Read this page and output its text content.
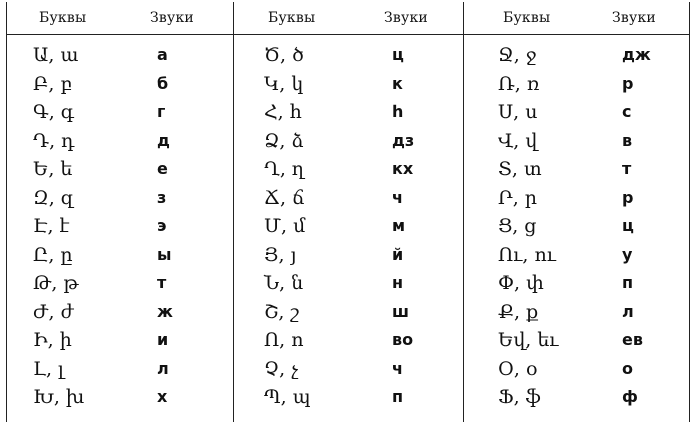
Буквы	Звуки
Ա, ա	а
Բ, բ	б
Գ, գ	г
Դ, դ	д
Ե, ե	е
Զ, զ	з
Է, է	э
Ը, ը	ы
Թ, թ	т
Ժ, ժ	ж
Ի, ի	и
Լ, լ	л
Խ, խ	х
Буквы	Звуки
Ծ, ծ	ц
Կ, կ	к
Հ, հ	һ
Ձ, ձ	дз
Ղ, ղ	кх
Ճ, ճ	ч
Մ, մ	м
Յ, յ	й
Ն, ն	н
Շ, շ	ш
Ո, ո	во
Չ, չ	ч
Պ, պ	п
Буквы	Звуки
Ջ, ջ	дж
Ռ, ռ	р
Ս, ս	с
Վ, վ	в
Տ, տ	т
Ր, ր	р
Ց, ց	ц
Ու, ու	у
Փ, փ	п
Ք, ք	л
Եվ, եւ	ев
Օ, օ	о
Ֆ, ֆ	ф
